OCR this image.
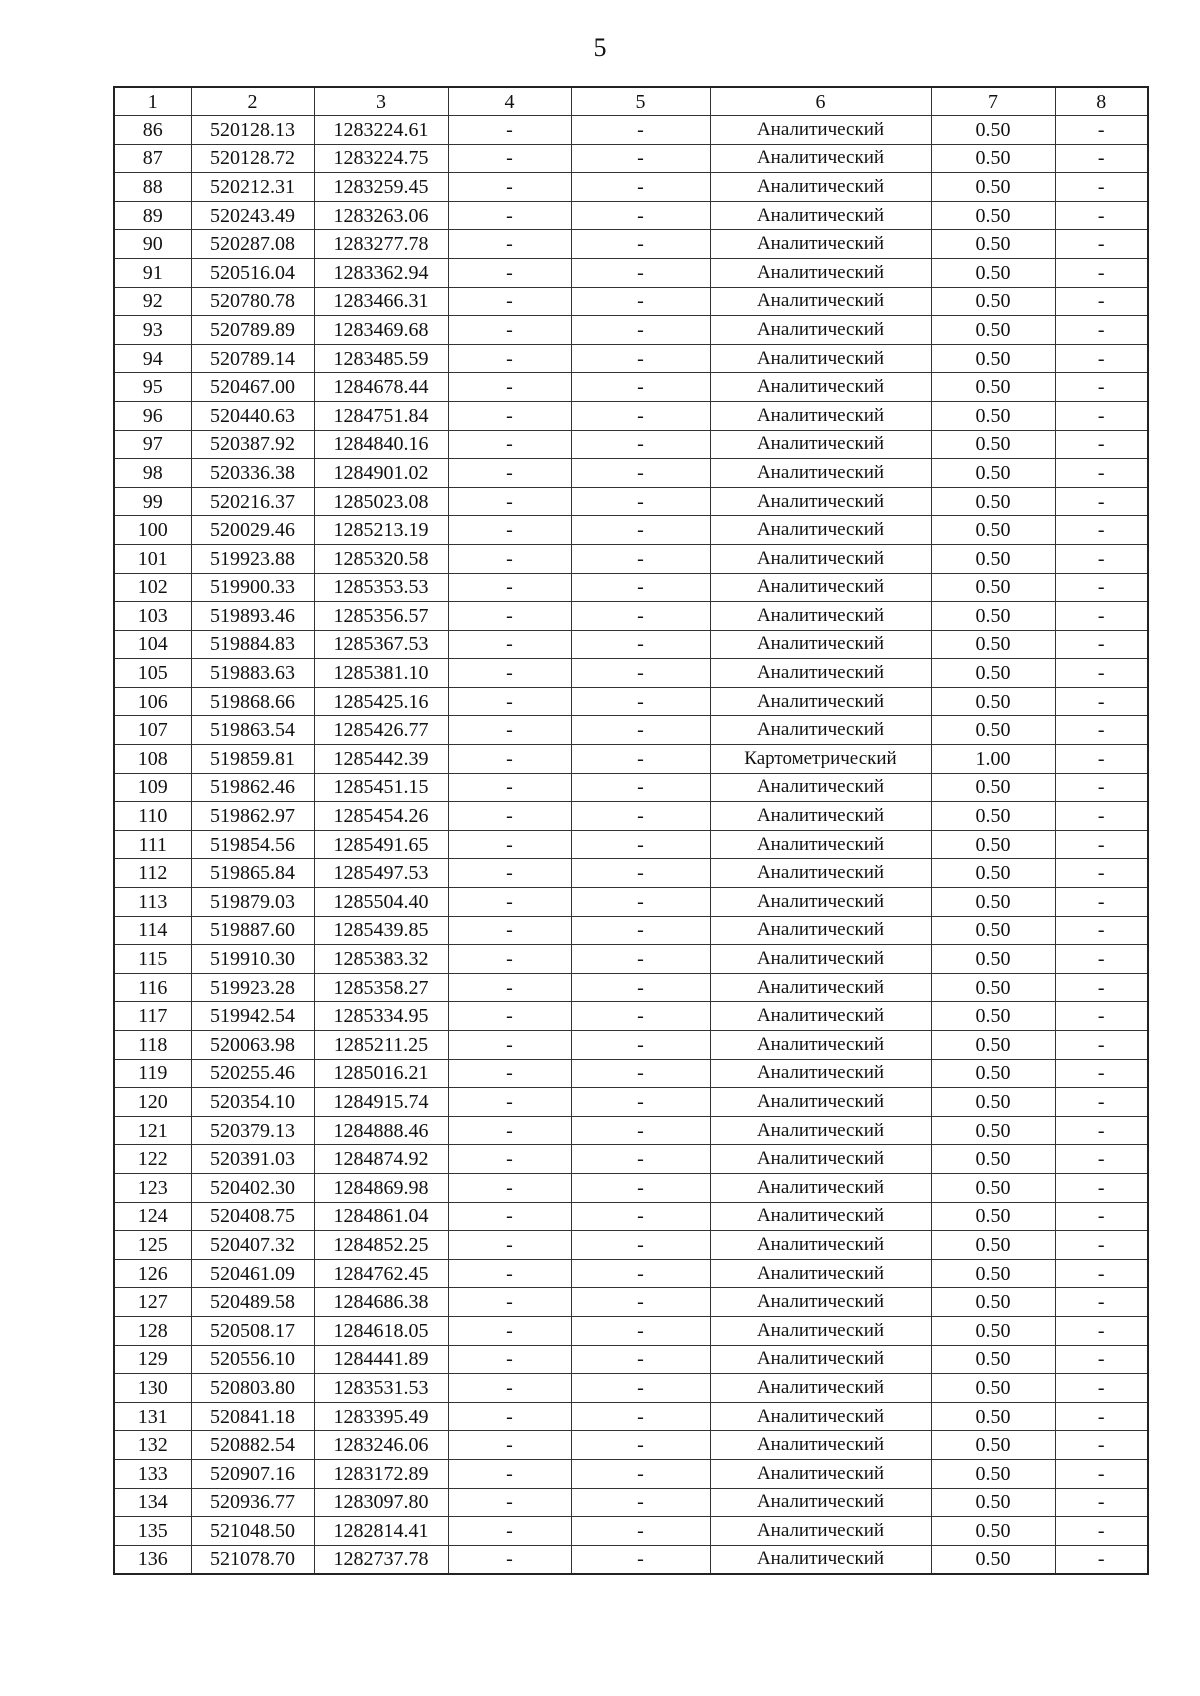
5
1	2	3	4	5	6	7	8
86	520128.13	1283224.61	-	-	Аналитический	0.50	-
87	520128.72	1283224.75	-	-	Аналитический	0.50	-
88	520212.31	1283259.45	-	-	Аналитический	0.50	-
89	520243.49	1283263.06	-	-	Аналитический	0.50	-
90	520287.08	1283277.78	-	-	Аналитический	0.50	-
91	520516.04	1283362.94	-	-	Аналитический	0.50	-
92	520780.78	1283466.31	-	-	Аналитический	0.50	-
93	520789.89	1283469.68	-	-	Аналитический	0.50	-
94	520789.14	1283485.59	-	-	Аналитический	0.50	-
95	520467.00	1284678.44	-	-	Аналитический	0.50	-
96	520440.63	1284751.84	-	-	Аналитический	0.50	-
97	520387.92	1284840.16	-	-	Аналитический	0.50	-
98	520336.38	1284901.02	-	-	Аналитический	0.50	-
99	520216.37	1285023.08	-	-	Аналитический	0.50	-
100	520029.46	1285213.19	-	-	Аналитический	0.50	-
101	519923.88	1285320.58	-	-	Аналитический	0.50	-
102	519900.33	1285353.53	-	-	Аналитический	0.50	-
103	519893.46	1285356.57	-	-	Аналитический	0.50	-
104	519884.83	1285367.53	-	-	Аналитический	0.50	-
105	519883.63	1285381.10	-	-	Аналитический	0.50	-
106	519868.66	1285425.16	-	-	Аналитический	0.50	-
107	519863.54	1285426.77	-	-	Аналитический	0.50	-
108	519859.81	1285442.39	-	-	Картометрический	1.00	-
109	519862.46	1285451.15	-	-	Аналитический	0.50	-
110	519862.97	1285454.26	-	-	Аналитический	0.50	-
111	519854.56	1285491.65	-	-	Аналитический	0.50	-
112	519865.84	1285497.53	-	-	Аналитический	0.50	-
113	519879.03	1285504.40	-	-	Аналитический	0.50	-
114	519887.60	1285439.85	-	-	Аналитический	0.50	-
115	519910.30	1285383.32	-	-	Аналитический	0.50	-
116	519923.28	1285358.27	-	-	Аналитический	0.50	-
117	519942.54	1285334.95	-	-	Аналитический	0.50	-
118	520063.98	1285211.25	-	-	Аналитический	0.50	-
119	520255.46	1285016.21	-	-	Аналитический	0.50	-
120	520354.10	1284915.74	-	-	Аналитический	0.50	-
121	520379.13	1284888.46	-	-	Аналитический	0.50	-
122	520391.03	1284874.92	-	-	Аналитический	0.50	-
123	520402.30	1284869.98	-	-	Аналитический	0.50	-
124	520408.75	1284861.04	-	-	Аналитический	0.50	-
125	520407.32	1284852.25	-	-	Аналитический	0.50	-
126	520461.09	1284762.45	-	-	Аналитический	0.50	-
127	520489.58	1284686.38	-	-	Аналитический	0.50	-
128	520508.17	1284618.05	-	-	Аналитический	0.50	-
129	520556.10	1284441.89	-	-	Аналитический	0.50	-
130	520803.80	1283531.53	-	-	Аналитический	0.50	-
131	520841.18	1283395.49	-	-	Аналитический	0.50	-
132	520882.54	1283246.06	-	-	Аналитический	0.50	-
133	520907.16	1283172.89	-	-	Аналитический	0.50	-
134	520936.77	1283097.80	-	-	Аналитический	0.50	-
135	521048.50	1282814.41	-	-	Аналитический	0.50	-
136	521078.70	1282737.78	-	-	Аналитический	0.50	-
